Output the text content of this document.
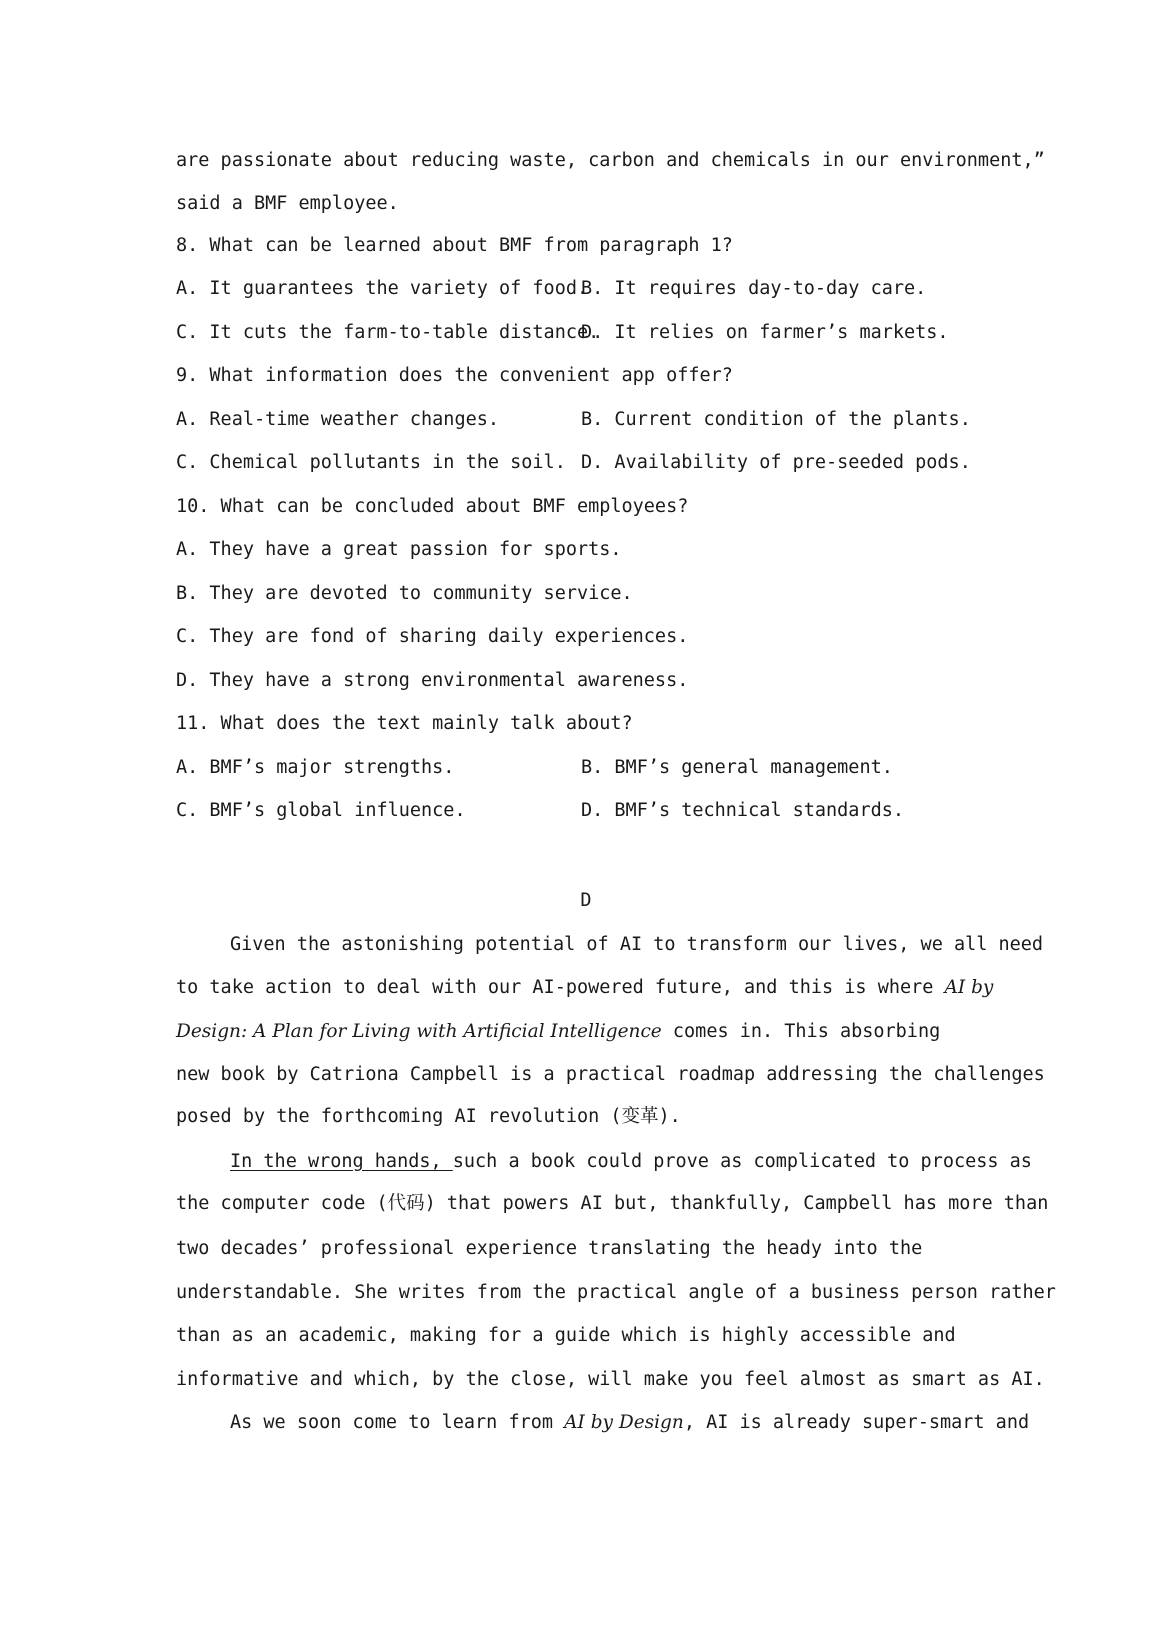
are passionate about reducing waste, carbon and chemicals in our environment,”
said a BMF employee.
8. What can be learned about BMF from paragraph 1?
A. It guarantees the variety of food.
B. It requires day-to-day care.
C. It cuts the farm-to-table distance.
D. It relies on farmer’s markets.
9. What information does the convenient app offer?
A. Real-time weather changes.	B. Current condition of the plants.
C. Chemical pollutants in the soil. D. Availability of pre-seeded pods.
10. What can be concluded about BMF employees?
A. They have a great passion for sports.
B. They are devoted to community service.
C. They are fond of sharing daily experiences.
D. They have a strong environmental awareness.
11. What does the text mainly talk about?
A. BMF’s major strengths.	B. BMF’s general management.
C. BMF’s global influence.	D. BMF’s technical standards.
D
Given the astonishing potential of AI to transform our lives, we all need
to take action to deal with our AI-powered future, and this is where AI by
Design: A Plan for Living with Artificial Intelligence comes in. This absorbing
new book by Catriona Campbell is a practical roadmap addressing the challenges
posed by the forthcoming AI revolution (变革).
In the wrong hands, such a book could prove as complicated to process as
the computer code (代码) that powers AI but, thankfully, Campbell has more than
two decades’ professional experience translating the heady into the
understandable. She writes from the practical angle of a business person rather
than as an academic, making for a guide which is highly accessible and
informative and which, by the close, will make you feel almost as smart as AI.
As we soon come to learn from AI by Design, AI is already super-smart and
